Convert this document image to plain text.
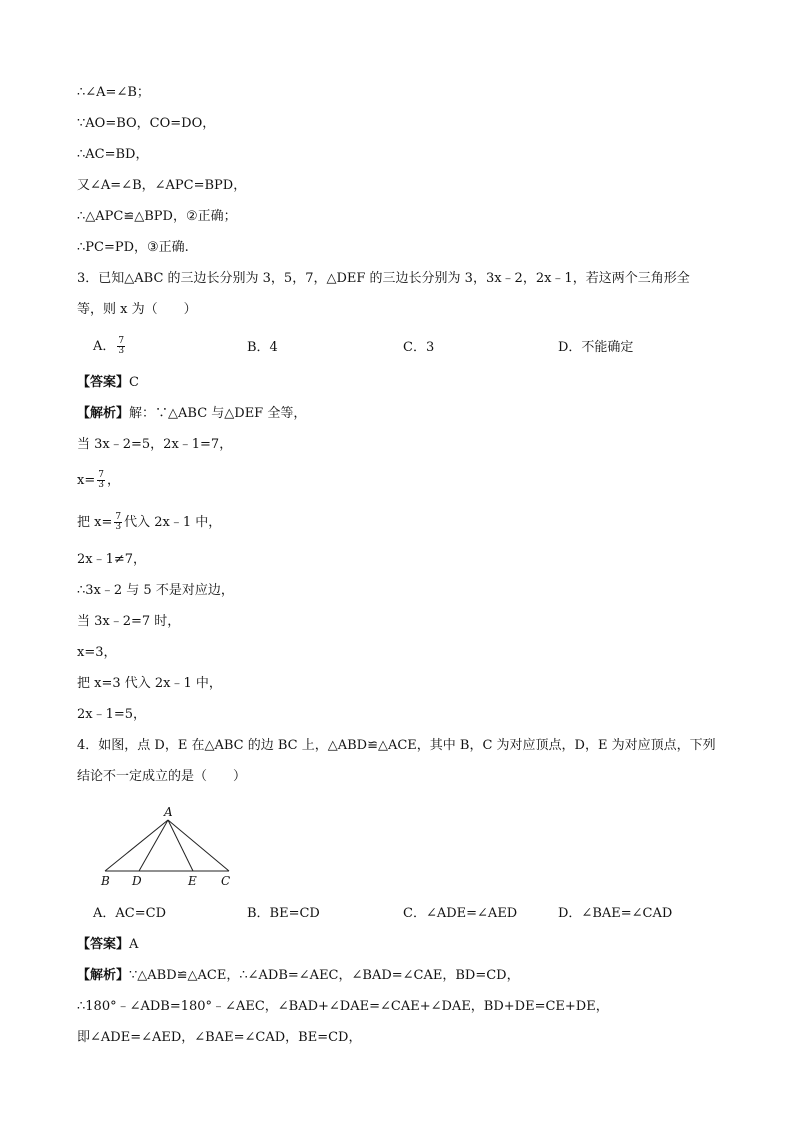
∴∠A=∠B；
∵AO=BO，CO=DO，
∴AC=BD，
又∠A=∠B，∠APC=BPD，
∴△APC≌△BPD，②正确；
∴PC=PD，③正确.
3．已知△ABC 的三边长分别为 3，5，7，△DEF 的三边长分别为 3，3x﹣2，2x﹣1，若这两个三角形全
等，则 x 为（　　）
A． $\frac{7}{3}$	B．4	C．3	D．不能确定
【答案】C
【解析】解：∵△ABC 与△DEF 全等，
当 3x﹣2=5，2x﹣1=7，
$x= \frac{7}{3}$ ，
把 $x= \frac{7}{3}$ 代入 2x﹣1 中，
2x﹣1≠7，
∴3x﹣2 与 5 不是对应边，
当 3x﹣2=7 时，
x=3，
把 x=3 代入 2x﹣1 中，
2x﹣1=5，
4．如图，点 D，E 在△ABC 的边 BC 上，△ABD≌△ACE，其中 B，C 为对应顶点，D，E 为对应顶点，下列
结论不一定成立的是（　　）
A
B D	E C
A．AC=CD	B．BE=CD	C．∠ADE=∠AED	D．∠BAE=∠CAD
【答案】A
【解析】∵△ABD≌△ACE，∴∠ADB=∠AEC，∠BAD=∠CAE，BD=CD，
∴180°﹣∠ADB=180°﹣∠AEC，∠BAD+∠DAE=∠CAE+∠DAE，BD+DE=CE+DE，
即∠ADE=∠AED，∠BAE=∠CAD，BE=CD，
